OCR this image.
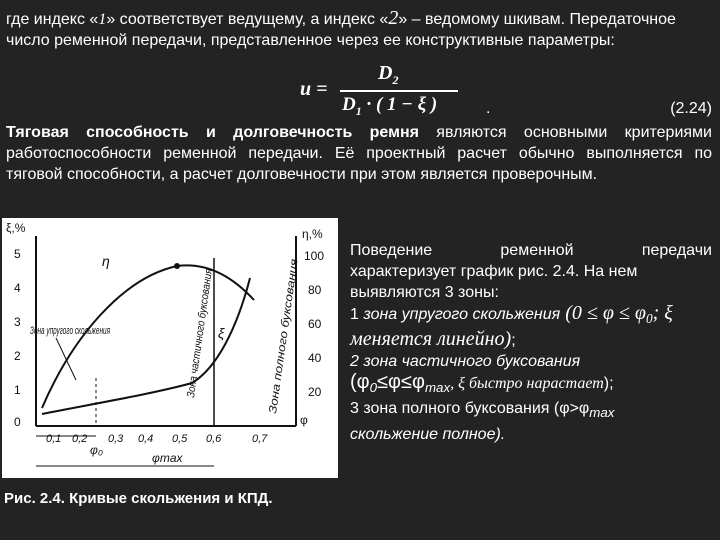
где индекс «1» соответствует ведущему, а индекс «2» – ведомому шкивам. Передаточное число ременной передачи, представленное через ее конструктивные параметры:

u =
$D_2$
$D_1$ · ( 1 − ξ )	.	(2.24)

Тяговая способность и долговечность ремня являются основными критериями работоспособности ременной передачи. Её проектный расчет обычно выполняется по тяговой способности, а расчет долговечности при этом является проверочным.

ξ,%	η,%
5
4
3
2
1
0
100
80
60
40
20
φ
0,1 0,2 0,3 0,4 0,5 0,6	0,7
φ₀
φmax
η
ξ
Зона упругого скольжения	Зона частичного буксования	Зона полного буксования
Рис. 2.4. Кривые скольжения и КПД.

Поведение ременной передачи

характеризует график рис. 2.4. На нем выявляются 3 зоны:

1 зона упругого скольжения ($0 \le \varphi \le \varphi_0$; ξ меняется линейно);

2 зона частичного буксования

($\varphi_0\le\varphi\le\varphi_{max}$, ξ быстро нарастает);

3 зона полного буксования ($\varphi>\varphi_{max}$

скольжение полное).
